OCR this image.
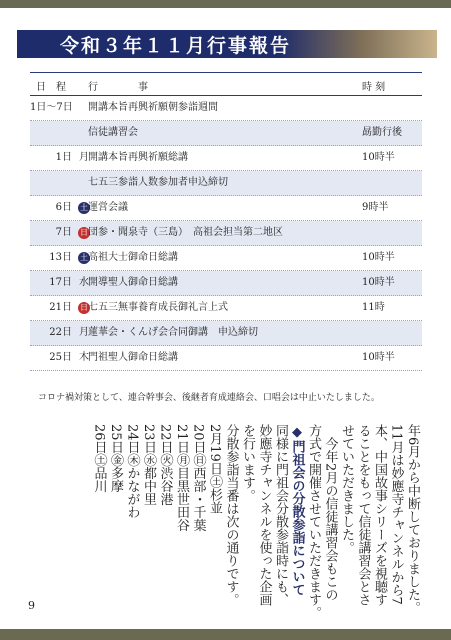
令和３年１１月行事報告
日　程 行　　　　事	時 刻
1日〜7日 開講本旨再興祈願朝参詣週間
信徒講習会	勗勤行後
1日 月 開講本旨再興祈願総講	10時半
七五三参詣人数参加者申込締切
6日	土 運営会議	9時半
7日	日 団参・聞泉寺（三島）　高祖会担当第二地区
13日	土 高祖大士御命日総講	10時半
17日 水 開導聖人御命日総講	10時半
21日	日 七五三無事養育成長御礼言上式	11時
22日 月 蓮華会・くんげ会合同御講　申込締切
25日 木 門祖聖人御命日総講	10時半
コロナ禍対策として、連合幹事会、後継者育成連絡会、口唱会は中止いたしました。
年6月から中断しておりました。
11月は妙應寺チャンネルから7
本、中国故事シリーズを視聴す
ることをもって信徒講習会とさ
せていただきました。
今年2月の信徒講習会もこの
方式で開催させていただきます。
◆門祖会の分散参詣について
同様に門祖会分散参詣時にも、
妙應寺チャンネルを使った企画
を行います。
分散参詣当番は次の通りです。
2月19日㊏杉並
20日㊐西部・千葉
21日㊊目黒世田谷
22日㊋渋谷港
23日㊌都中里
24日㊍かながわ
25日㊎多摩
26日㊏品川
9
